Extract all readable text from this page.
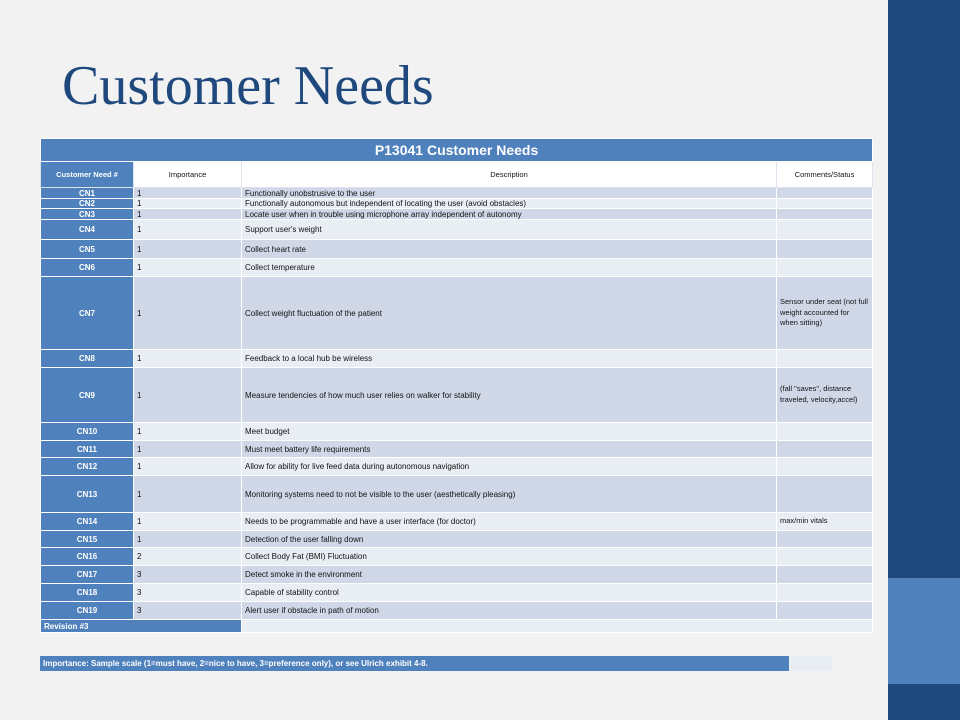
Customer Needs
P13041 Customer Needs			
Customer Need #	Importance	Description	Comments/Status
CN1	1	Functionally unobstrusive to the user	
CN2	1	Functionally autonomous but independent of locating the user (avoid obstacles)	
CN3	1	Locate user when in trouble using microphone array independent of autonomy	
CN4	1	Support user's weight	
CN5	1	Collect heart rate	
CN6	1	Collect temperature	
CN7	1	Collect weight fluctuation of the patient	Sensor under seat (not full weight accounted for when sitting)
CN8	1	Feedback to a local hub be wireless	
CN9	1	Measure tendencies of how much user relies on walker for stability	(fall "saves", distance traveled, velocity,accel)
CN10	1	Meet budget	
CN11	1	Must meet battery life requirements	
CN12	1	Allow for ability for live feed data during autonomous navigation	
CN13	1	Monitoring systems need to not be visible to the user (aesthetically pleasing)	
CN14	1	Needs to be programmable and have a user interface (for doctor)	max/min vitals
CN15	1	Detection of the user falling down	
CN16	2	Collect Body Fat (BMI) Fluctuation	
CN17	3	Detect smoke in the environment	
CN18	3	Capable of stability control	
CN19	3	Alert user if obstacle in path of motion	
Revision #3			
Importance: Sample scale (1=must have, 2=nice to have, 3=preference only), or see Ulrich exhibit 4-8.
